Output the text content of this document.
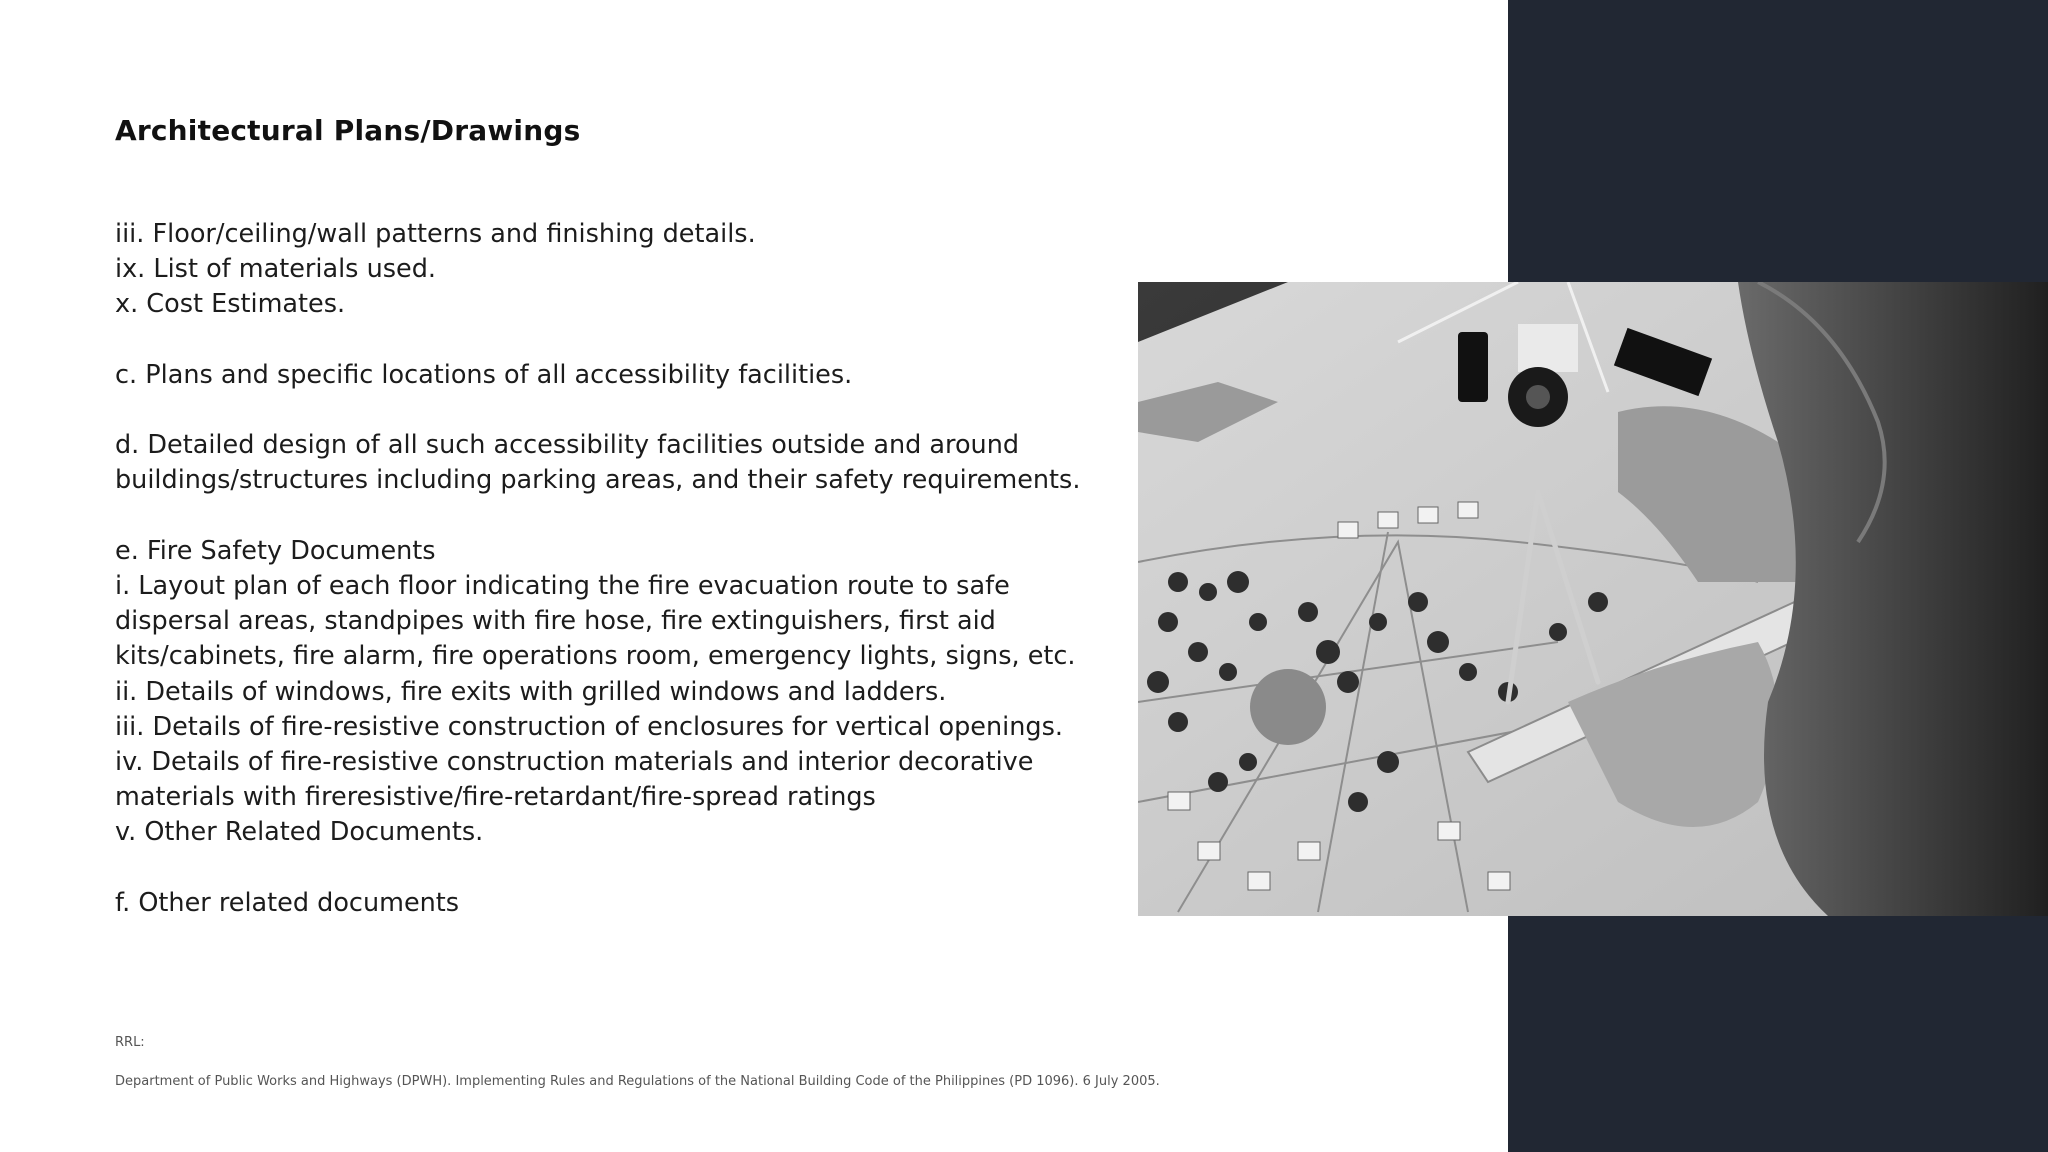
Architectural Plans/Drawings
iii. Floor/ceiling/wall patterns and finishing details.
ix. List of materials used.
x. Cost Estimates.
c. Plans and specific locations of all accessibility facilities.
d. Detailed design of all such accessibility facilities outside and around
buildings/structures including parking areas, and their safety requirements.
e. Fire Safety Documents
i. Layout plan of each floor indicating the fire evacuation route to safe
dispersal areas, standpipes with fire hose, fire extinguishers, first aid
kits/cabinets, fire alarm, fire operations room, emergency lights, signs, etc.
ii. Details of windows, fire exits with grilled windows and ladders.
iii. Details of fire-resistive construction of enclosures for vertical openings.
iv. Details of fire-resistive construction materials and interior decorative
materials with fireresistive/fire-retardant/fire-spread ratings
v. Other Related Documents.
f. Other related documents
RRL:
Department of Public Works and Highways (DPWH). Implementing Rules and Regulations of the National Building Code of the Philippines (PD 1096). 6 July 2005.
